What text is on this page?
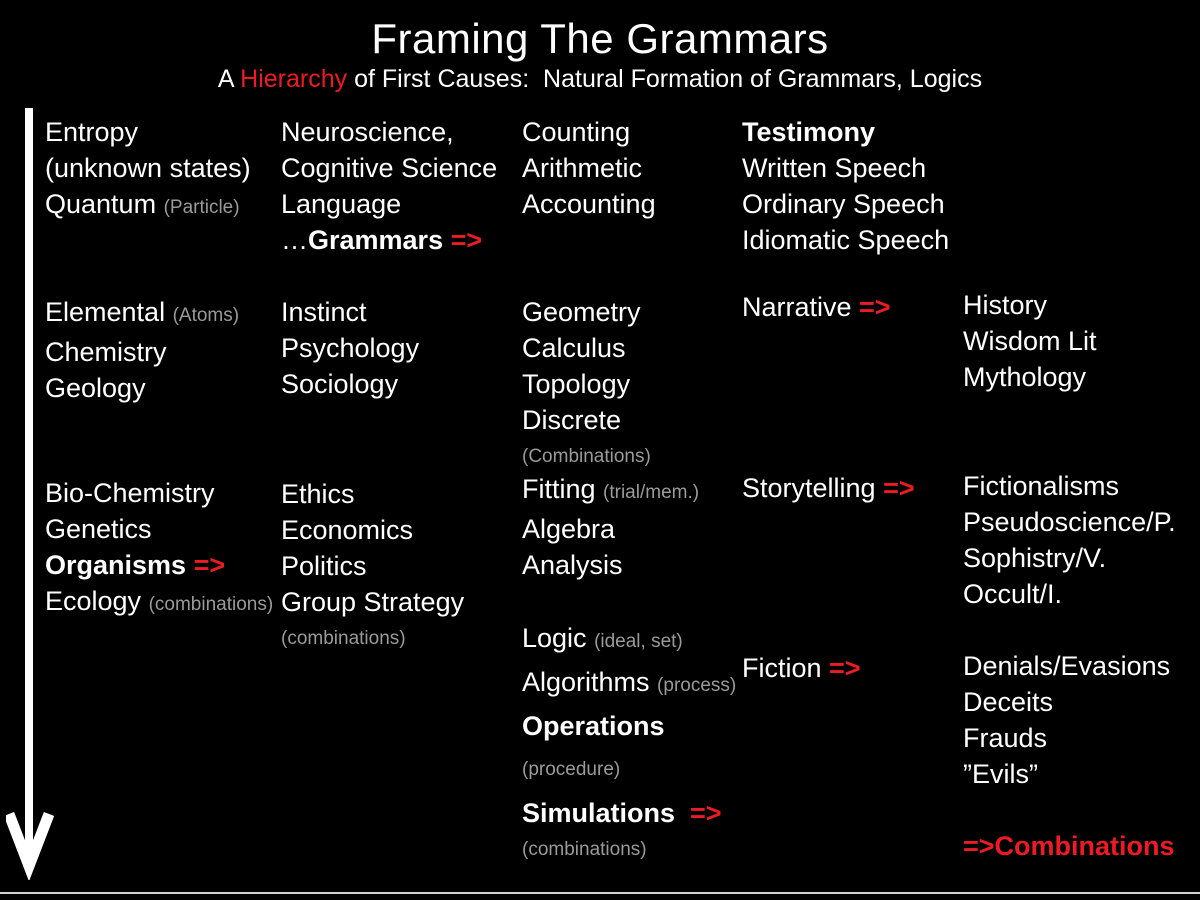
Framing The Grammars
A Hierarchy of First Causes:  Natural Formation of Grammars, Logics
Entropy
(unknown states)
Quantum (Particle)
Elemental (Atoms)
Chemistry
Geology
Bio-Chemistry
Genetics
Organisms =>
Ecology (combinations)
Neuroscience,
Cognitive Science
Language
…Grammars =>
Instinct
Psychology
Sociology
Ethics
Economics
Politics
Group Strategy
(combinations)
Counting
Arithmetic
Accounting
Geometry
Calculus
Topology
Discrete
(Combinations)
Fitting (trial/mem.)
Algebra
Analysis
Logic (ideal, set)
Algorithms (process)
Operations
(procedure)
Simulations  =>
(combinations)
Testimony
Written Speech
Ordinary Speech
Idiomatic Speech
Narrative =>
Storytelling =>
Fiction =>
History
Wisdom Lit
Mythology
Fictionalisms
Pseudoscience/P.
Sophistry/V.
Occult/I.
Denials/Evasions
Deceits
Frauds
”Evils”
=>Combinations
